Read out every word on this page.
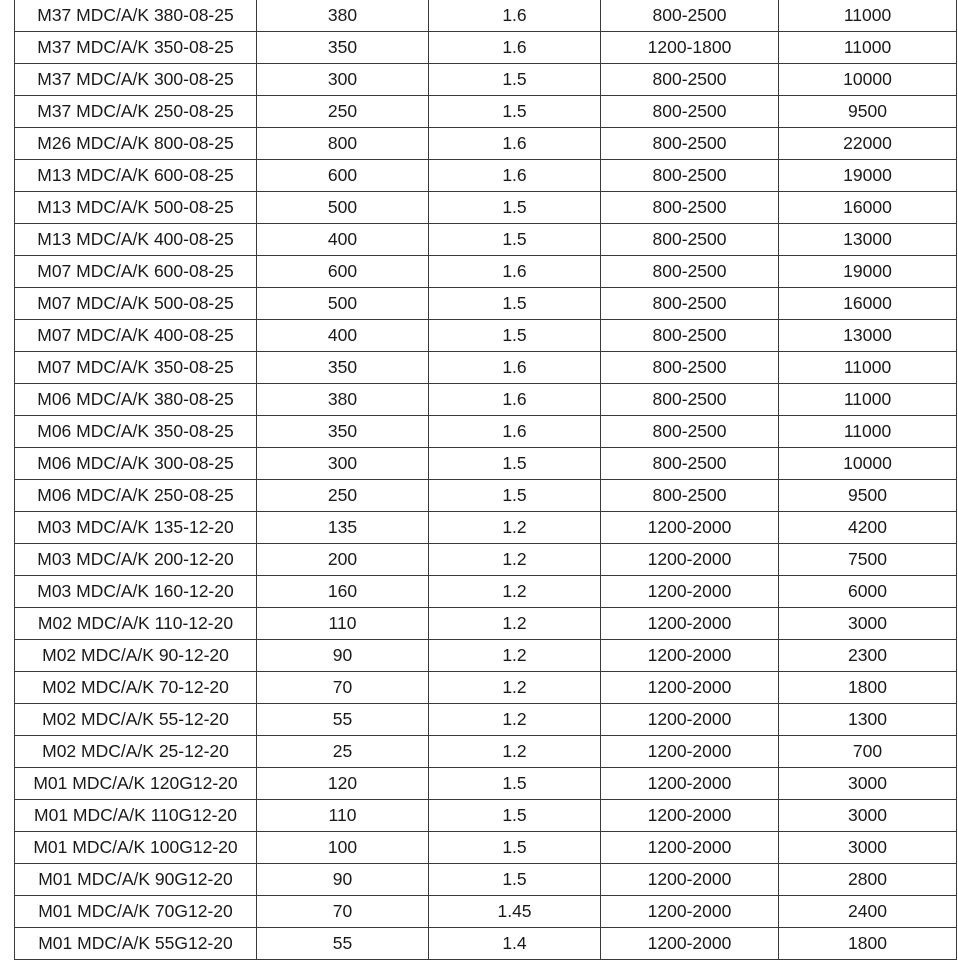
M37 MDC/A/K 380-08-25	380	1.6	800-2500	11000
M37 MDC/A/K 350-08-25	350	1.6	1200-1800	11000
M37 MDC/A/K 300-08-25	300	1.5	800-2500	10000
M37 MDC/A/K 250-08-25	250	1.5	800-2500	9500
M26 MDC/A/K 800-08-25	800	1.6	800-2500	22000
M13 MDC/A/K 600-08-25	600	1.6	800-2500	19000
M13 MDC/A/K 500-08-25	500	1.5	800-2500	16000
M13 MDC/A/K 400-08-25	400	1.5	800-2500	13000
M07 MDC/A/K 600-08-25	600	1.6	800-2500	19000
M07 MDC/A/K 500-08-25	500	1.5	800-2500	16000
M07 MDC/A/K 400-08-25	400	1.5	800-2500	13000
M07 MDC/A/K 350-08-25	350	1.6	800-2500	11000
M06 MDC/A/K 380-08-25	380	1.6	800-2500	11000
M06 MDC/A/K 350-08-25	350	1.6	800-2500	11000
M06 MDC/A/K 300-08-25	300	1.5	800-2500	10000
M06 MDC/A/K 250-08-25	250	1.5	800-2500	9500
M03 MDC/A/K 135-12-20	135	1.2	1200-2000	4200
M03 MDC/A/K 200-12-20	200	1.2	1200-2000	7500
M03 MDC/A/K 160-12-20	160	1.2	1200-2000	6000
M02 MDC/A/K 110-12-20	110	1.2	1200-2000	3000
M02 MDC/A/K 90-12-20	90	1.2	1200-2000	2300
M02 MDC/A/K 70-12-20	70	1.2	1200-2000	1800
M02 MDC/A/K 55-12-20	55	1.2	1200-2000	1300
M02 MDC/A/K 25-12-20	25	1.2	1200-2000	700
M01 MDC/A/K 120G12-20	120	1.5	1200-2000	3000
M01 MDC/A/K 110G12-20	110	1.5	1200-2000	3000
M01 MDC/A/K 100G12-20	100	1.5	1200-2000	3000
M01 MDC/A/K 90G12-20	90	1.5	1200-2000	2800
M01 MDC/A/K 70G12-20	70	1.45	1200-2000	2400
M01 MDC/A/K 55G12-20	55	1.4	1200-2000	1800
